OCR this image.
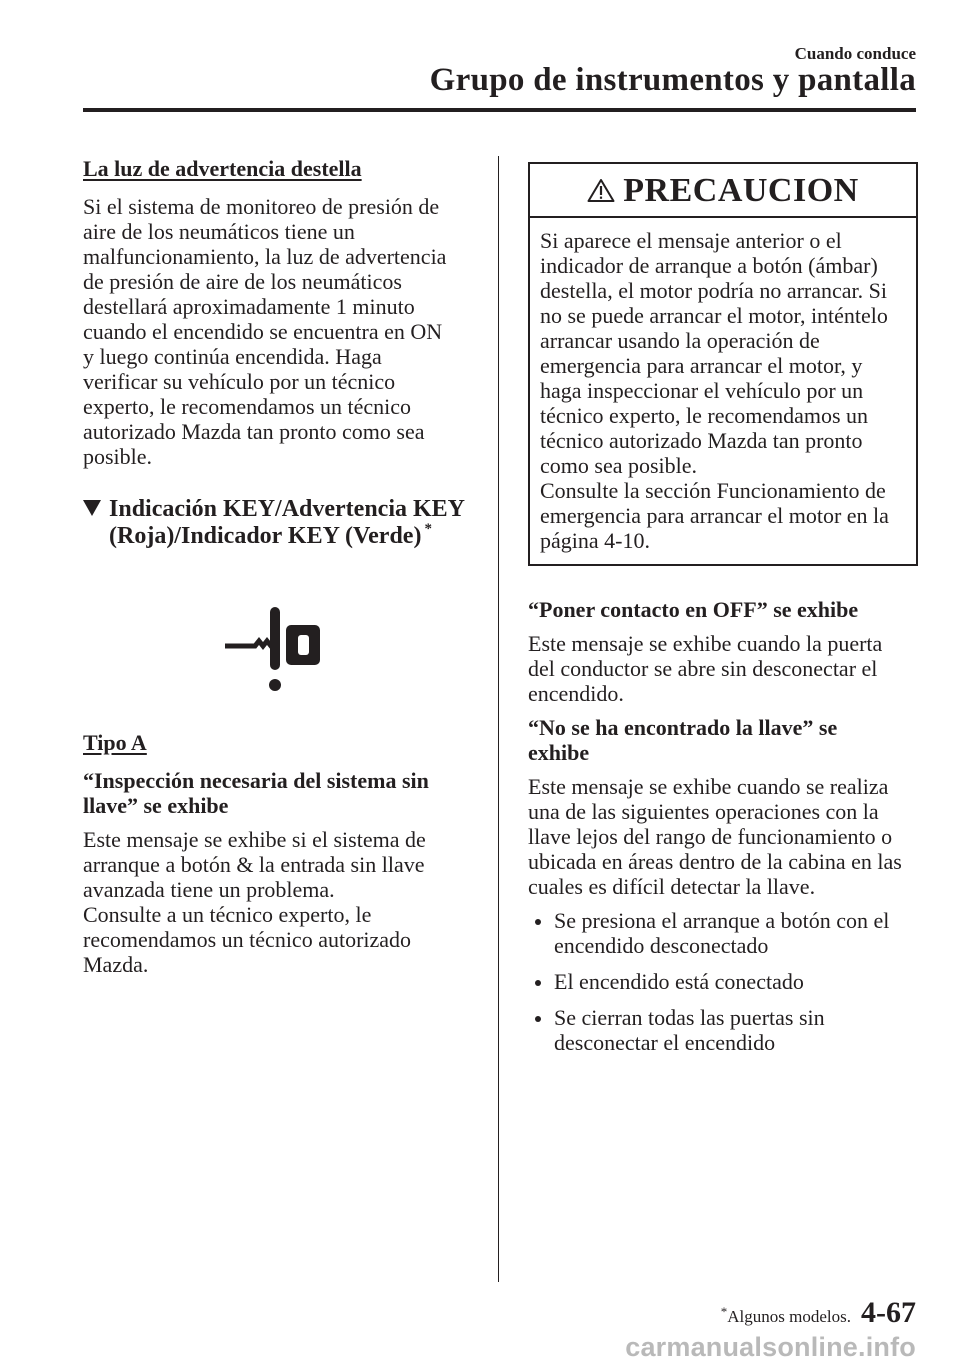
Cuando conduce
Grupo de instrumentos y pantalla

La luz de advertencia destella

Si el sistema de monitoreo de presión de
aire de los neumáticos tiene un
malfuncionamiento, la luz de advertencia
de presión de aire de los neumáticos
destellará aproximadamente 1 minuto
cuando el encendido se encuentra en ON
y luego continúa encendida. Haga
verificar su vehículo por un técnico
experto, le recomendamos un técnico
autorizado Mazda tan pronto como sea
posible.

Indicación KEY/Advertencia KEY
(Roja)/Indicador KEY (Verde) *

Tipo A

“Inspección necesaria del sistema sin
llave” se exhibe

Este mensaje se exhibe si el sistema de
arranque a botón & la entrada sin llave
avanzada tiene un problema.
Consulte a un técnico experto, le
recomendamos un técnico autorizado
Mazda.

PRECAUCION

Si aparece el mensaje anterior o el
indicador de arranque a botón (ámbar)
destella, el motor podría no arrancar. Si
no se puede arrancar el motor, inténtelo
arrancar usando la operación de
emergencia para arrancar el motor, y
haga inspeccionar el vehículo por un
técnico experto, le recomendamos un
técnico autorizado Mazda tan pronto
como sea posible.
Consulte la sección Funcionamiento de
emergencia para arrancar el motor en la
página 4-10.

“Poner contacto en OFF” se exhibe

Este mensaje se exhibe cuando la puerta
del conductor se abre sin desconectar el
encendido.

“No se ha encontrado la llave” se
exhibe

Este mensaje se exhibe cuando se realiza
una de las siguientes operaciones con la
llave lejos del rango de funcionamiento o
ubicada en áreas dentro de la cabina en las
cuales es difícil detectar la llave.

Se presiona el arranque a botón con el
encendido desconectado
El encendido está conectado
Se cierran todas las puertas sin
desconectar el encendido
*Algunos modelos. 4-67
carmanualsonline.info
